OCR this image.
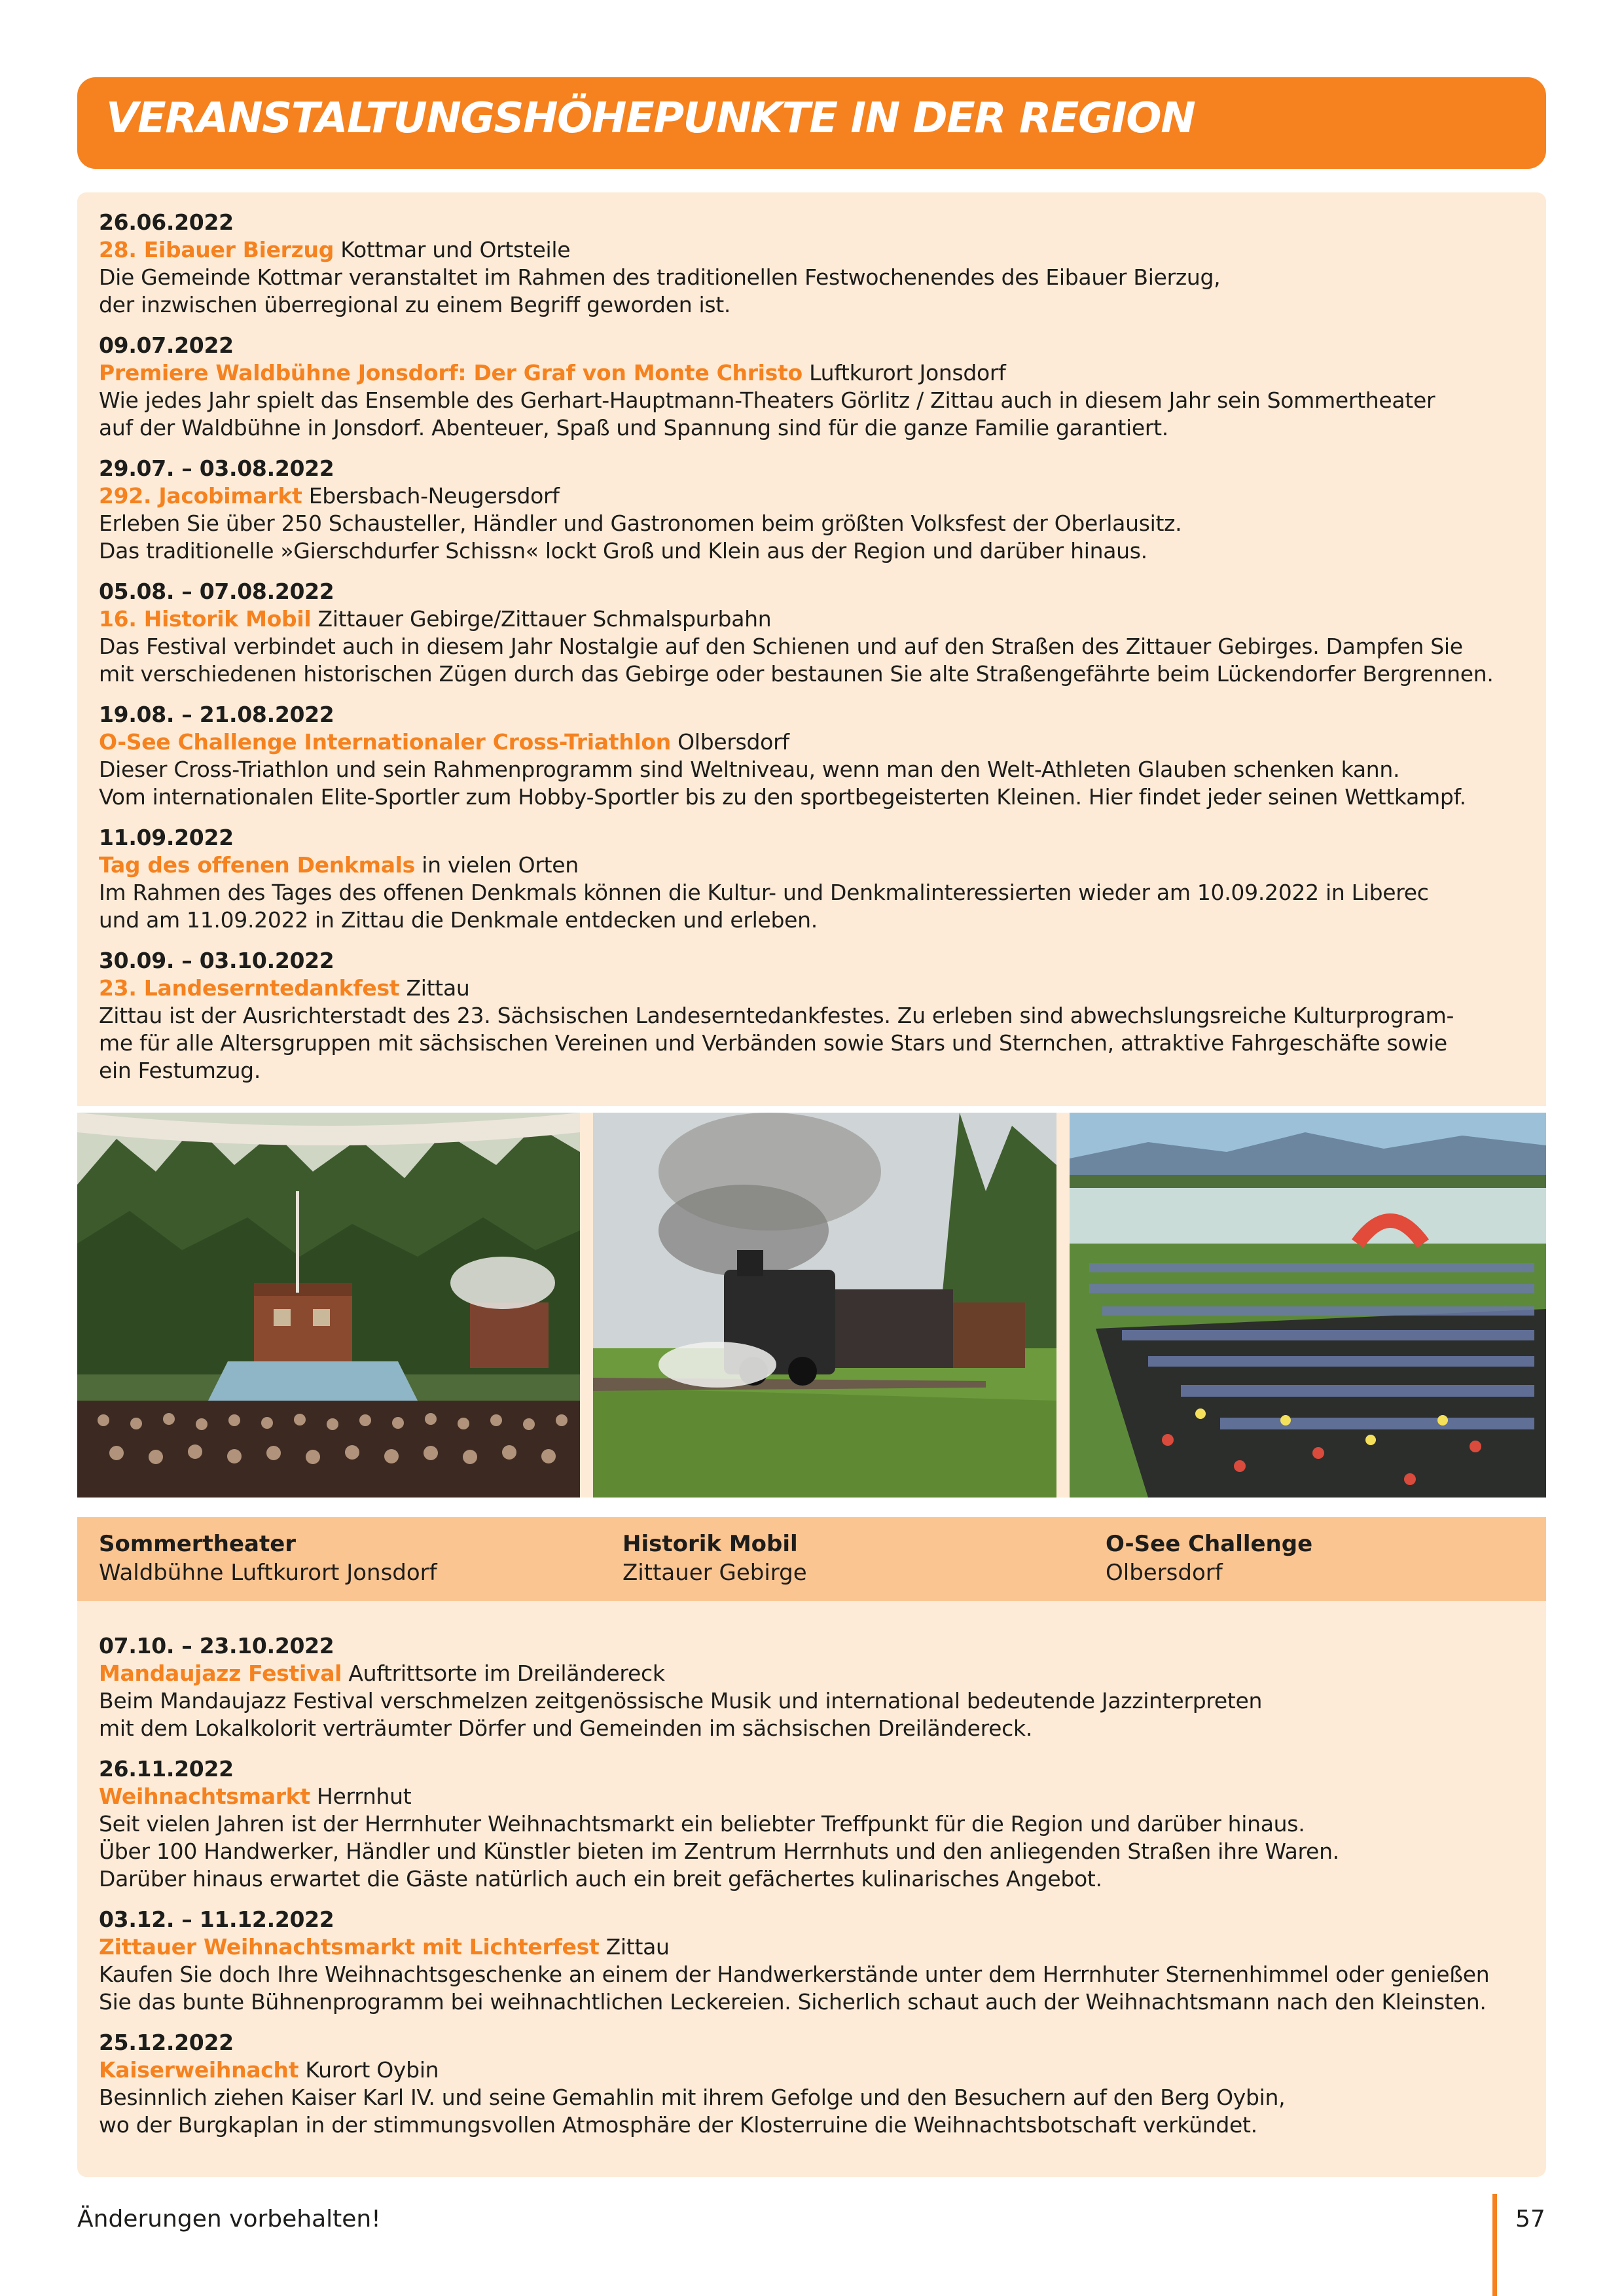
VERANSTALTUNGSHÖHEPUNKTE IN DER REGION

26.06.2022

28. Eibauer Bierzug Kottmar und Ortsteile

Die Gemeinde Kottmar veranstaltet im Rahmen des traditionellen Festwochenendes des Eibauer Bierzug,

der inzwischen überregional zu einem Begriff geworden ist.

09.07.2022

Premiere Waldbühne Jonsdorf: Der Graf von Monte Christo Luftkurort Jonsdorf

Wie jedes Jahr spielt das Ensemble des Gerhart-Hauptmann-Theaters Görlitz / Zittau auch in diesem Jahr sein Sommertheater

auf der Waldbühne in Jonsdorf. Abenteuer, Spaß und Spannung sind für die ganze Familie garantiert.

29.07. – 03.08.2022

292. Jacobimarkt Ebersbach-Neugersdorf

Erleben Sie über 250 Schausteller, Händler und Gastronomen beim größten Volksfest der Oberlausitz.

Das traditionelle »Gierschdurfer Schissn« lockt Groß und Klein aus der Region und darüber hinaus.

05.08. – 07.08.2022

16. Historik Mobil Zittauer Gebirge/Zittauer Schmalspurbahn

Das Festival verbindet auch in diesem Jahr Nostalgie auf den Schienen und auf den Straßen des Zittauer Gebirges. Dampfen Sie

mit verschiedenen historischen Zügen durch das Gebirge oder bestaunen Sie alte Straßengefährte beim Lückendorfer Bergrennen.

19.08. – 21.08.2022

O-See Challenge Internationaler Cross-Triathlon Olbersdorf

Dieser Cross-Triathlon und sein Rahmenprogramm sind Weltniveau, wenn man den Welt-Athleten Glauben schenken kann.

Vom internationalen Elite-Sportler zum Hobby-Sportler bis zu den sportbegeisterten Kleinen. Hier findet jeder seinen Wettkampf.

11.09.2022

Tag des offenen Denkmals in vielen Orten

Im Rahmen des Tages des offenen Denkmals können die Kultur- und Denkmalinteressierten wieder am 10.09.2022 in Liberec

und am 11.09.2022 in Zittau die Denkmale entdecken und erleben.

30.09. – 03.10.2022

23. Landeserntedankfest Zittau

Zittau ist der Ausrichterstadt des 23. Sächsischen Landeserntedankfestes. Zu erleben sind abwechslungsreiche Kulturprogram-

me für alle Altersgruppen mit sächsischen Vereinen und Verbänden sowie Stars und Sternchen, attraktive Fahrgeschäfte sowie

ein Festumzug.

Sommertheater
Waldbühne Luftkurort Jonsdorf
Historik Mobil
Zittauer Gebirge
O-See Challenge
Olbersdorf

07.10. – 23.10.2022

Mandaujazz Festival Auftrittsorte im Dreiländereck

Beim Mandaujazz Festival verschmelzen zeitgenössische Musik und international bedeutende Jazzinterpreten

mit dem Lokalkolorit verträumter Dörfer und Gemeinden im sächsischen Dreiländereck.

26.11.2022

Weihnachtsmarkt Herrnhut

Seit vielen Jahren ist der Herrnhuter Weihnachtsmarkt ein beliebter Treffpunkt für die Region und darüber hinaus.

Über 100 Handwerker, Händler und Künstler bieten im Zentrum Herrnhuts und den anliegenden Straßen ihre Waren.

Darüber hinaus erwartet die Gäste natürlich auch ein breit gefächertes kulinarisches Angebot.

03.12. – 11.12.2022

Zittauer Weihnachtsmarkt mit Lichterfest Zittau

Kaufen Sie doch Ihre Weihnachtsgeschenke an einem der Handwerkerstände unter dem Herrnhuter Sternenhimmel oder genießen

Sie das bunte Bühnenprogramm bei weihnachtlichen Leckereien. Sicherlich schaut auch der Weihnachtsmann nach den Kleinsten.

25.12.2022

Kaiserweihnacht Kurort Oybin

Besinnlich ziehen Kaiser Karl IV. und seine Gemahlin mit ihrem Gefolge und den Besuchern auf den Berg Oybin,

wo der Burgkaplan in der stimmungsvollen Atmosphäre der Klosterruine die Weihnachtsbotschaft verkündet.

Änderungen vorbehalten!	57
